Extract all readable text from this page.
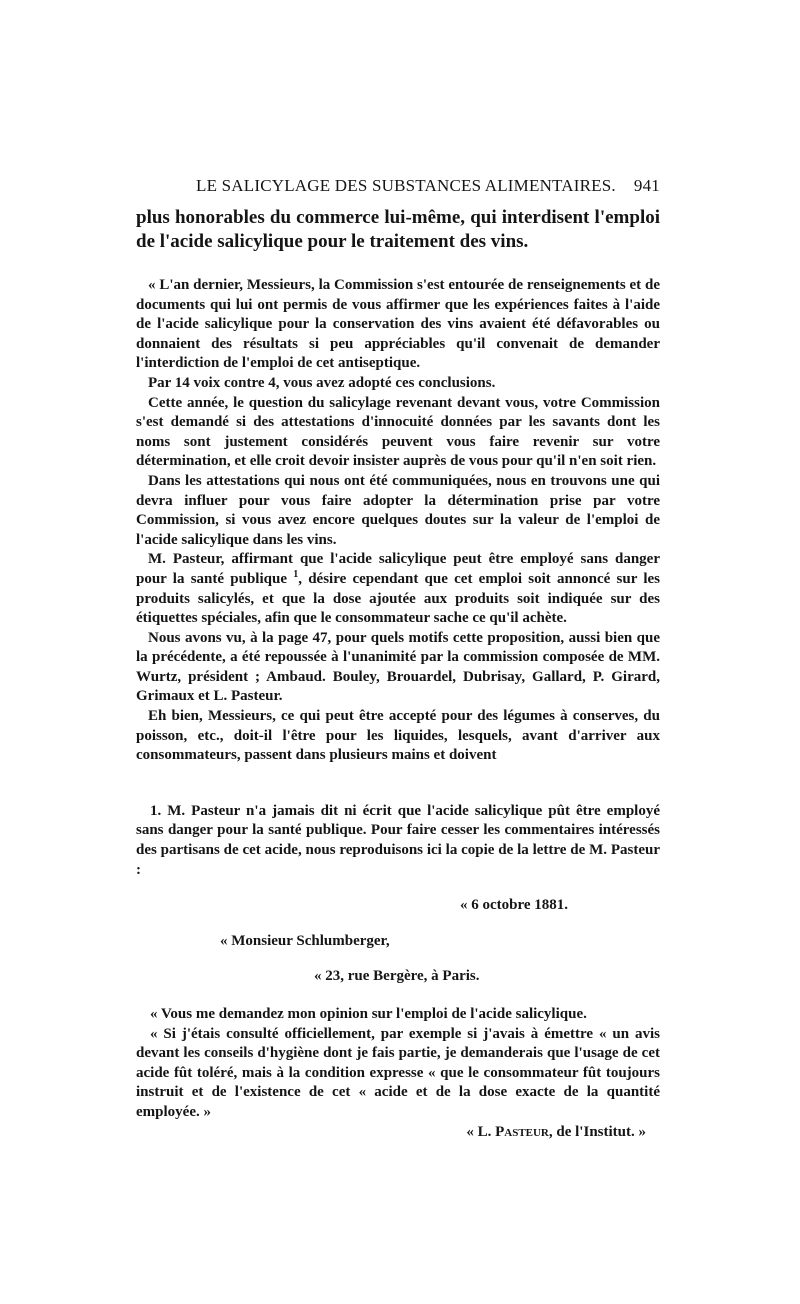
LE SALICYLAGE DES SUBSTANCES ALIMENTAIRES. 941

plus honorables du commerce lui-même, qui interdisent l'emploi de l'acide salicylique pour le traitement des vins.

« L'an dernier, Messieurs, la Commission s'est entourée de renseignements et de documents qui lui ont permis de vous affirmer que les expériences faites à l'aide de l'acide salicylique pour la conservation des vins avaient été défavorables ou donnaient des résultats si peu appréciables qu'il convenait de demander l'interdiction de l'emploi de cet antiseptique.

Par 14 voix contre 4, vous avez adopté ces conclusions.

Cette année, le question du salicylage revenant devant vous, votre Commission s'est demandé si des attestations d'innocuité données par les savants dont les noms sont justement considérés peuvent vous faire revenir sur votre détermination, et elle croit devoir insister auprès de vous pour qu'il n'en soit rien.

Dans les attestations qui nous ont été communiquées, nous en trouvons une qui devra influer pour vous faire adopter la détermination prise par votre Commission, si vous avez encore quelques doutes sur la valeur de l'emploi de l'acide salicylique dans les vins.

M. Pasteur, affirmant que l'acide salicylique peut être employé sans danger pour la santé publique $^1$, désire cependant que cet emploi soit annoncé sur les produits salicylés, et que la dose ajoutée aux produits soit indiquée sur des étiquettes spéciales, afin que le consommateur sache ce qu'il achète.

Nous avons vu, à la page 47, pour quels motifs cette proposition, aussi bien que la précédente, a été repoussée à l'unanimité par la commission composée de MM. Wurtz, président ; Ambaud. Bouley, Brouardel, Dubrisay, Gallard, P. Girard, Grimaux et L. Pasteur.

Eh bien, Messieurs, ce qui peut être accepté pour des légumes à conserves, du poisson, etc., doit-il l'être pour les liquides, lesquels, avant d'arriver aux consommateurs, passent dans plusieurs mains et doivent

1. M. Pasteur n'a jamais dit ni écrit que l'acide salicylique pût être employé sans danger pour la santé publique. Pour faire cesser les commentaires intéressés des partisans de cet acide, nous reproduisons ici la copie de la lettre de M. Pasteur :

« 6 octobre 1881.

« Monsieur Schlumberger,

« 23, rue Bergère, à Paris.

« Vous me demandez mon opinion sur l'emploi de l'acide salicylique.

« Si j'étais consulté officiellement, par exemple si j'avais à émettre « un avis devant les conseils d'hygiène dont je fais partie, je demanderais que l'usage de cet acide fût toléré, mais à la condition expresse « que le consommateur fût toujours instruit et de l'existence de cet « acide et de la dose exacte de la quantité employée. »

« L. Pasteur, de l'Institut. »
